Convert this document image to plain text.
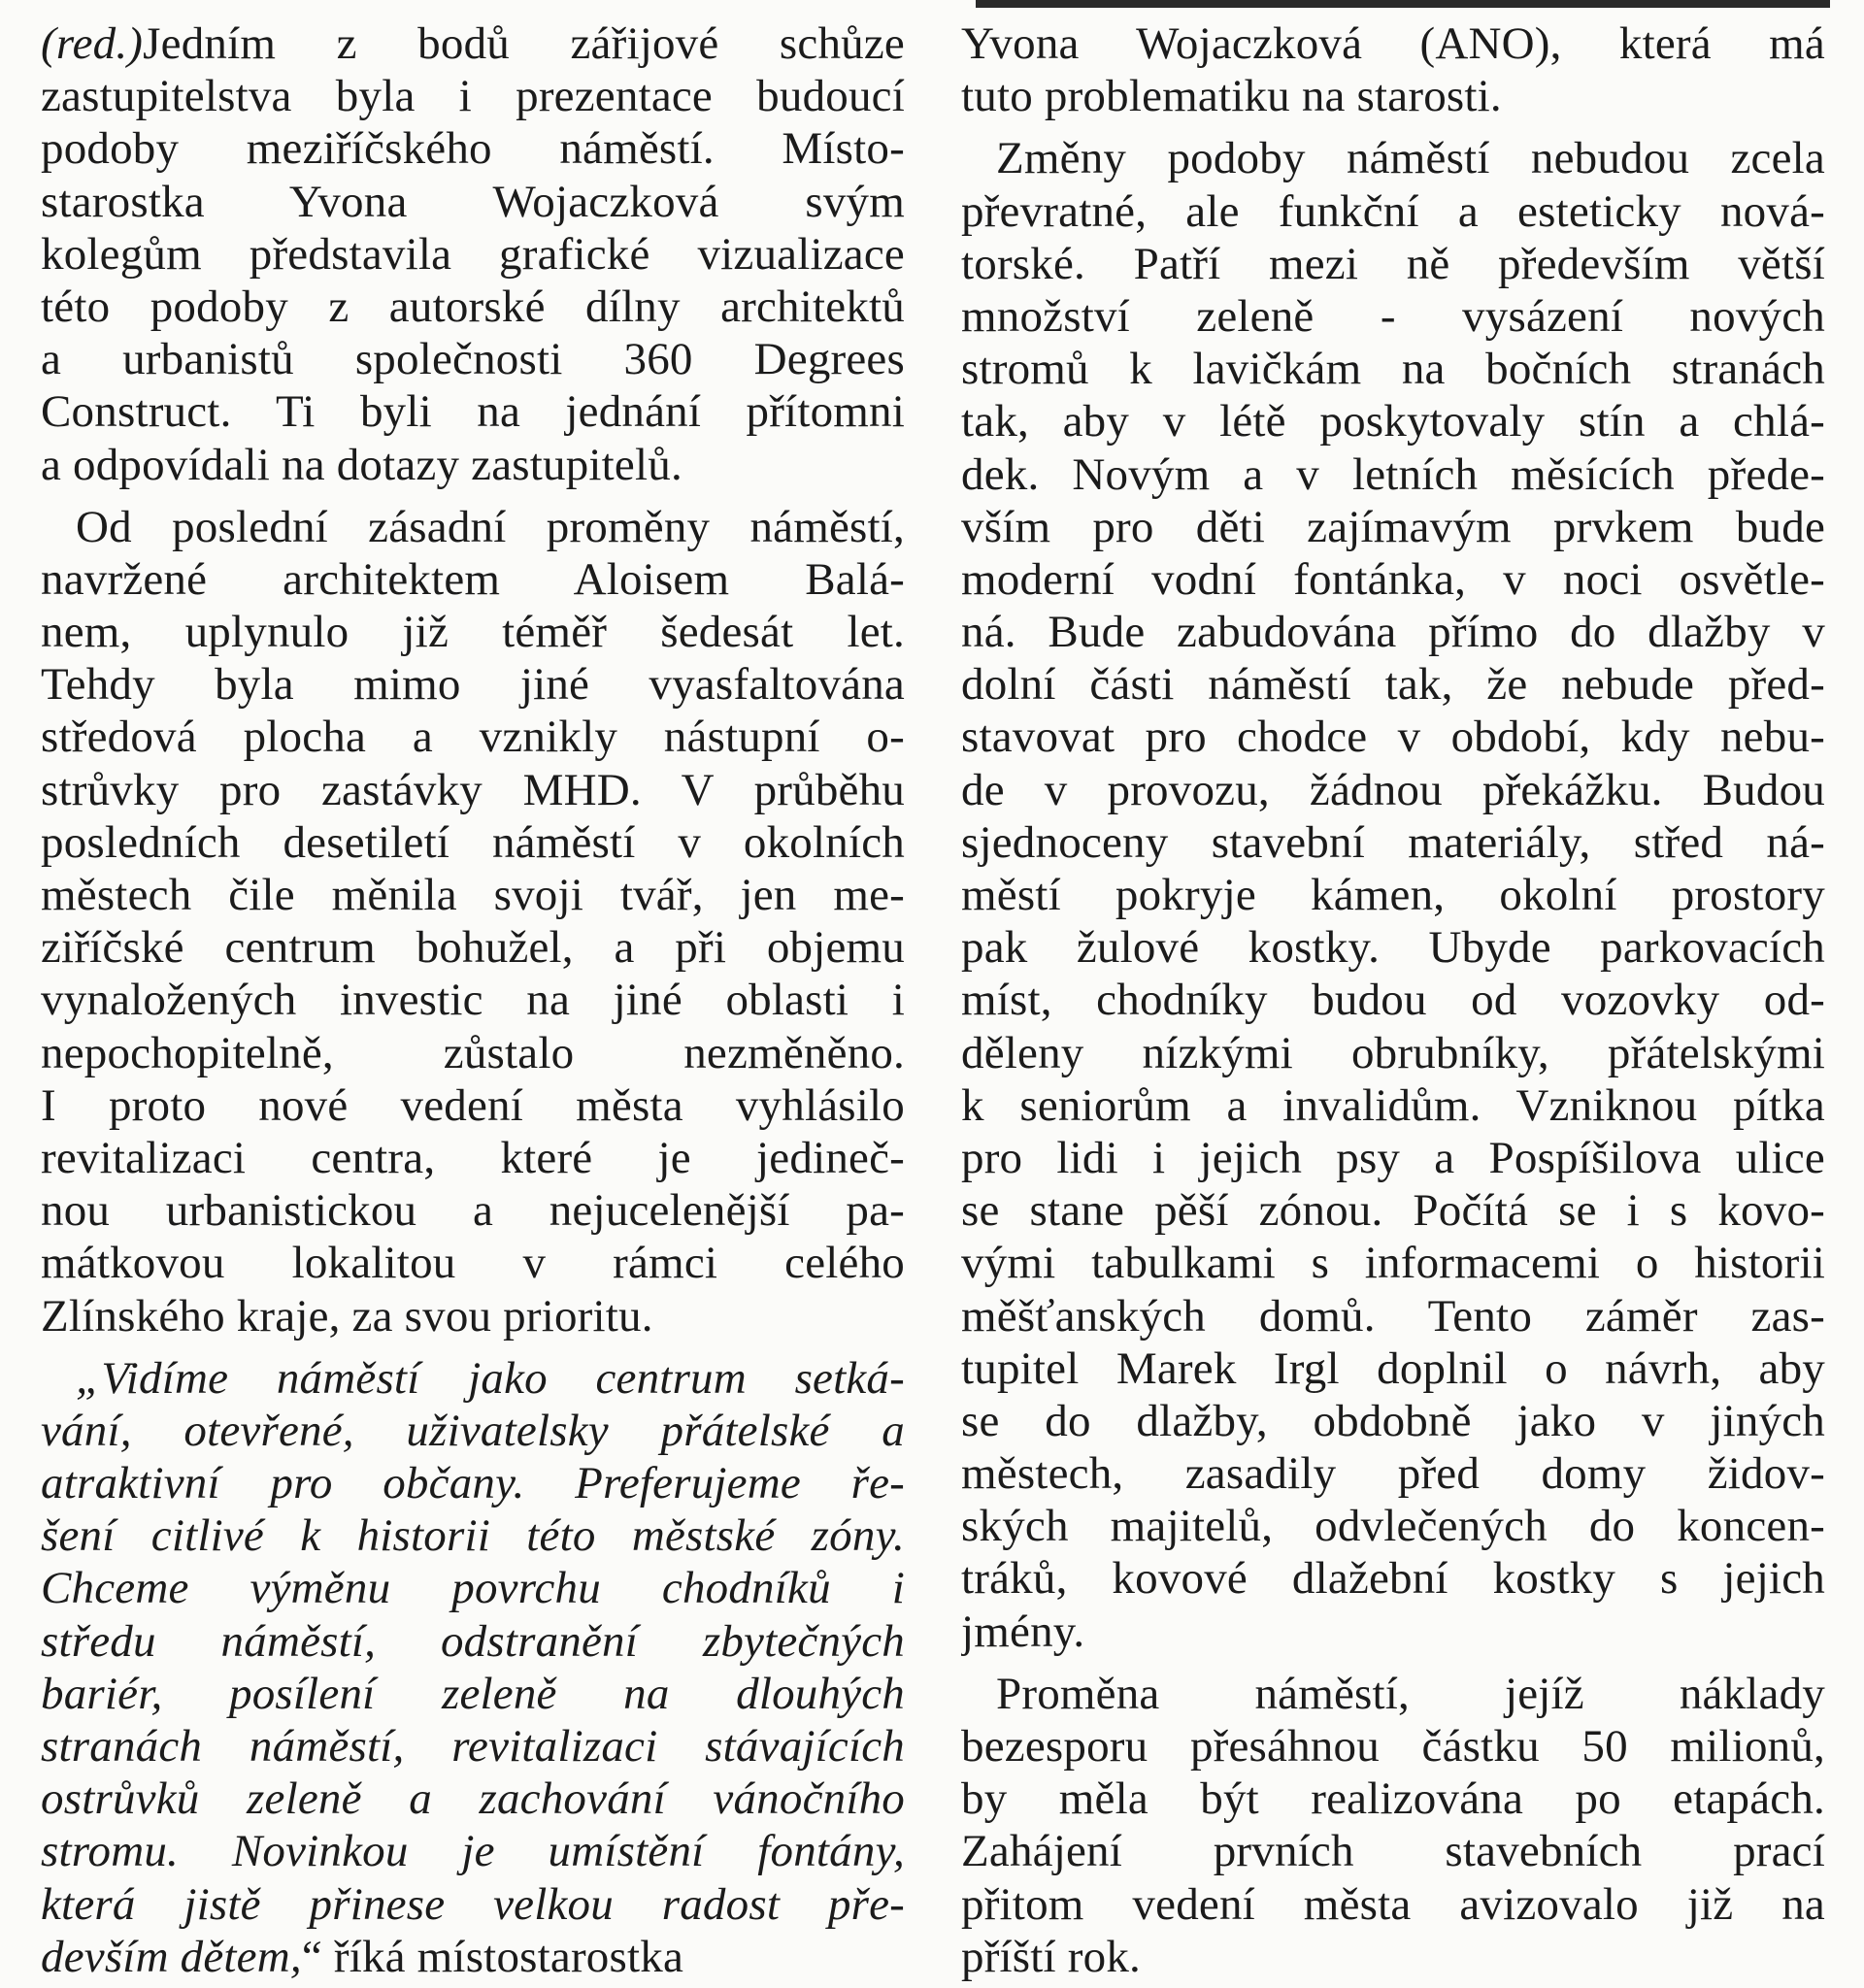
(red.)Jedním z bodů zářijové schůze
zastupitelstva byla i prezentace budoucí
podoby meziříčského náměstí. Místo-
starostka Yvona Wojaczková svým
kolegům představila grafické vizualizace
této podoby z autorské dílny architektů
a urbanistů společnosti 360 Degrees
Construct. Ti byli na jednání přítomni
a odpovídali na dotazy zastupitelů.
Od poslední zásadní proměny náměstí,
navržené architektem Aloisem Balá-
nem, uplynulo již téměř šedesát let.
Tehdy byla mimo jiné vyasfaltována
středová plocha a vznikly nástupní o-
strůvky pro zastávky MHD. V průběhu
posledních desetiletí náměstí v okolních
městech čile měnila svoji tvář, jen me-
ziříčské centrum bohužel, a při objemu
vynaložených investic na jiné oblasti i
nepochopitelně, zůstalo nezměněno.
I proto nové vedení města vyhlásilo
revitalizaci centra, které je jedineč-
nou urbanistickou a nejucelenější pa-
mátkovou lokalitou v rámci celého
Zlínského kraje, za svou prioritu.
„Vidíme náměstí jako centrum setká-
vání, otevřené, uživatelsky přátelské a
atraktivní pro občany. Preferujeme ře-
šení citlivé k historii této městské zóny.
Chceme výměnu povrchu chodníků i
středu náměstí, odstranění zbytečných
bariér, posílení zeleně na dlouhých
stranách náměstí, revitalizaci stávajících
ostrůvků zeleně a zachování vánočního
stromu. Novinkou je umístění fontány,
která jistě přinese velkou radost pře-
devším dětem,“ říká místostarostka
Yvona Wojaczková (ANO), která má
tuto problematiku na starosti.
Změny podoby náměstí nebudou zcela
převratné, ale funkční a esteticky nová-
torské. Patří mezi ně především větší
množství zeleně - vysázení nových
stromů k lavičkám na bočních stranách
tak, aby v létě poskytovaly stín a chlá-
dek. Novým a v letních měsících přede-
vším pro děti zajímavým prvkem bude
moderní vodní fontánka, v noci osvětle-
ná. Bude zabudována přímo do dlažby v
dolní části náměstí tak, že nebude před-
stavovat pro chodce v období, kdy nebu-
de v provozu, žádnou překážku. Budou
sjednoceny stavební materiály, střed ná-
městí pokryje kámen, okolní prostory
pak žulové kostky. Ubyde parkovacích
míst, chodníky budou od vozovky od-
děleny nízkými obrubníky, přátelskými
k seniorům a invalidům. Vzniknou pítka
pro lidi i jejich psy a Pospíšilova ulice
se stane pěší zónou. Počítá se i s kovo-
vými tabulkami s informacemi o historii
měšťanských domů. Tento záměr zas-
tupitel Marek Irgl doplnil o návrh, aby
se do dlažby, obdobně jako v jiných
městech, zasadily před domy židov-
ských majitelů, odvlečených do koncen-
tráků, kovové dlažební kostky s jejich
jmény.
Proměna náměstí, jejíž náklady
bezesporu přesáhnou částku 50 milionů,
by měla být realizována po etapách.
Zahájení prvních stavebních prací
přitom vedení města avizovalo již na
příští rok.
